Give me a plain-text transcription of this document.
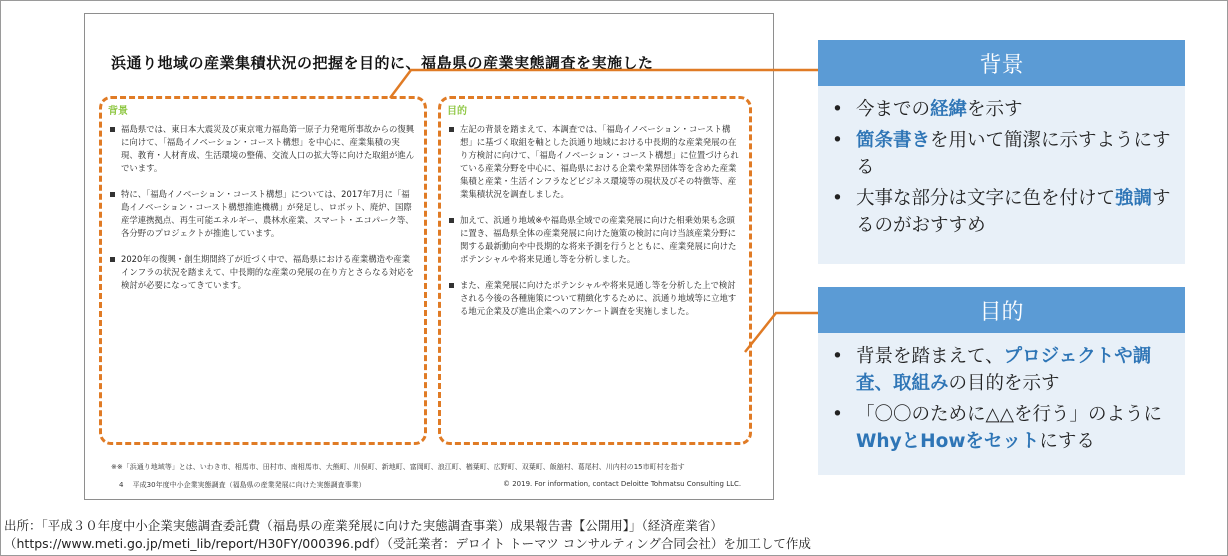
浜通り地域の産業集積状況の把握を目的に、福島県の産業実態調査を実施した
背景
福島県では、東日本大震災及び東京電力福島第一原子力発電所事故からの復興に向けて、「福島イノベーション・コースト構想」を中心に、産業集積の実現、教育・人材育成、生活環境の整備、交流人口の拡大等に向けた取組が進んでいます。
特に、「福島イノベーション・コースト構想」については、2017年7月に「福島イノベーション・コースト構想推進機構」が発足し、ロボット、廃炉、国際産学連携拠点、再生可能エネルギー、農林水産業、スマート・エコパーク等、各分野のプロジェクトが推進しています。
2020年の復興・創生期間終了が近づく中で、福島県における産業構造や産業インフラの状況を踏まえて、中長期的な産業の発展の在り方とさらなる対応を検討が必要になってきています。
目的
左記の背景を踏まえて、本調査では、「福島イノベーション・コースト構想」に基づく取組を軸とした浜通り地域における中長期的な産業発展の在り方検討に向けて、「福島イノベーション・コースト構想」に位置づけられている産業分野を中心に、福島県における企業や業界団体等を含めた産業集積と産業・生活インフラなどビジネス環境等の現状及びその特徴等、産業集積状況を調査しました。
加えて、浜通り地域※や福島県全域での産業発展に向けた相乗効果も念頭に置き、福島県全体の産業発展に向けた施策の検討に向け当該産業分野に関する最新動向や中長期的な将来予測を行うとともに、産業発展に向けたポテンシャルや将来見通し等を分析しました。
また、産業発展に向けたポテンシャルや将来見通し等を分析した上で検討される今後の各種施策について精緻化するために、浜通り地域等に立地する地元企業及び進出企業へのアンケート調査を実施しました。
※※「浜通り地域等」とは、いわき市、相馬市、田村市、南相馬市、大熊町、川俣町、新地町、富岡町、浪江町、楢葉町、広野町、双葉町、飯舘村、葛尾村、川内村の15市町村を指す
4　 平成30年度中小企業実態調査（福島県の産業発展に向けた実態調査事業）	© 2019. For information, contact Deloitte Tohmatsu Consulting LLC.
背景
• 今までの経緯を示す
• 箇条書きを用いて簡潔に示すようにする
• 大事な部分は文字に色を付けて強調するのがおすすめ
目的
• 背景を踏まえて、プロジェクトや調査、取組みの目的を示す
• 「〇〇のために△△を行う」のようにWhyとHowをセットにする
出所：「平成３０年度中小企業実態調査委託費（福島県の産業発展に向けた実態調査事業）成果報告書【公開用】」（経済産業省）
（https://www.meti.go.jp/meti_lib/report/H30FY/000396.pdf）（受託業者：デロイト トーマツ コンサルティング合同会社）を加工して作成
